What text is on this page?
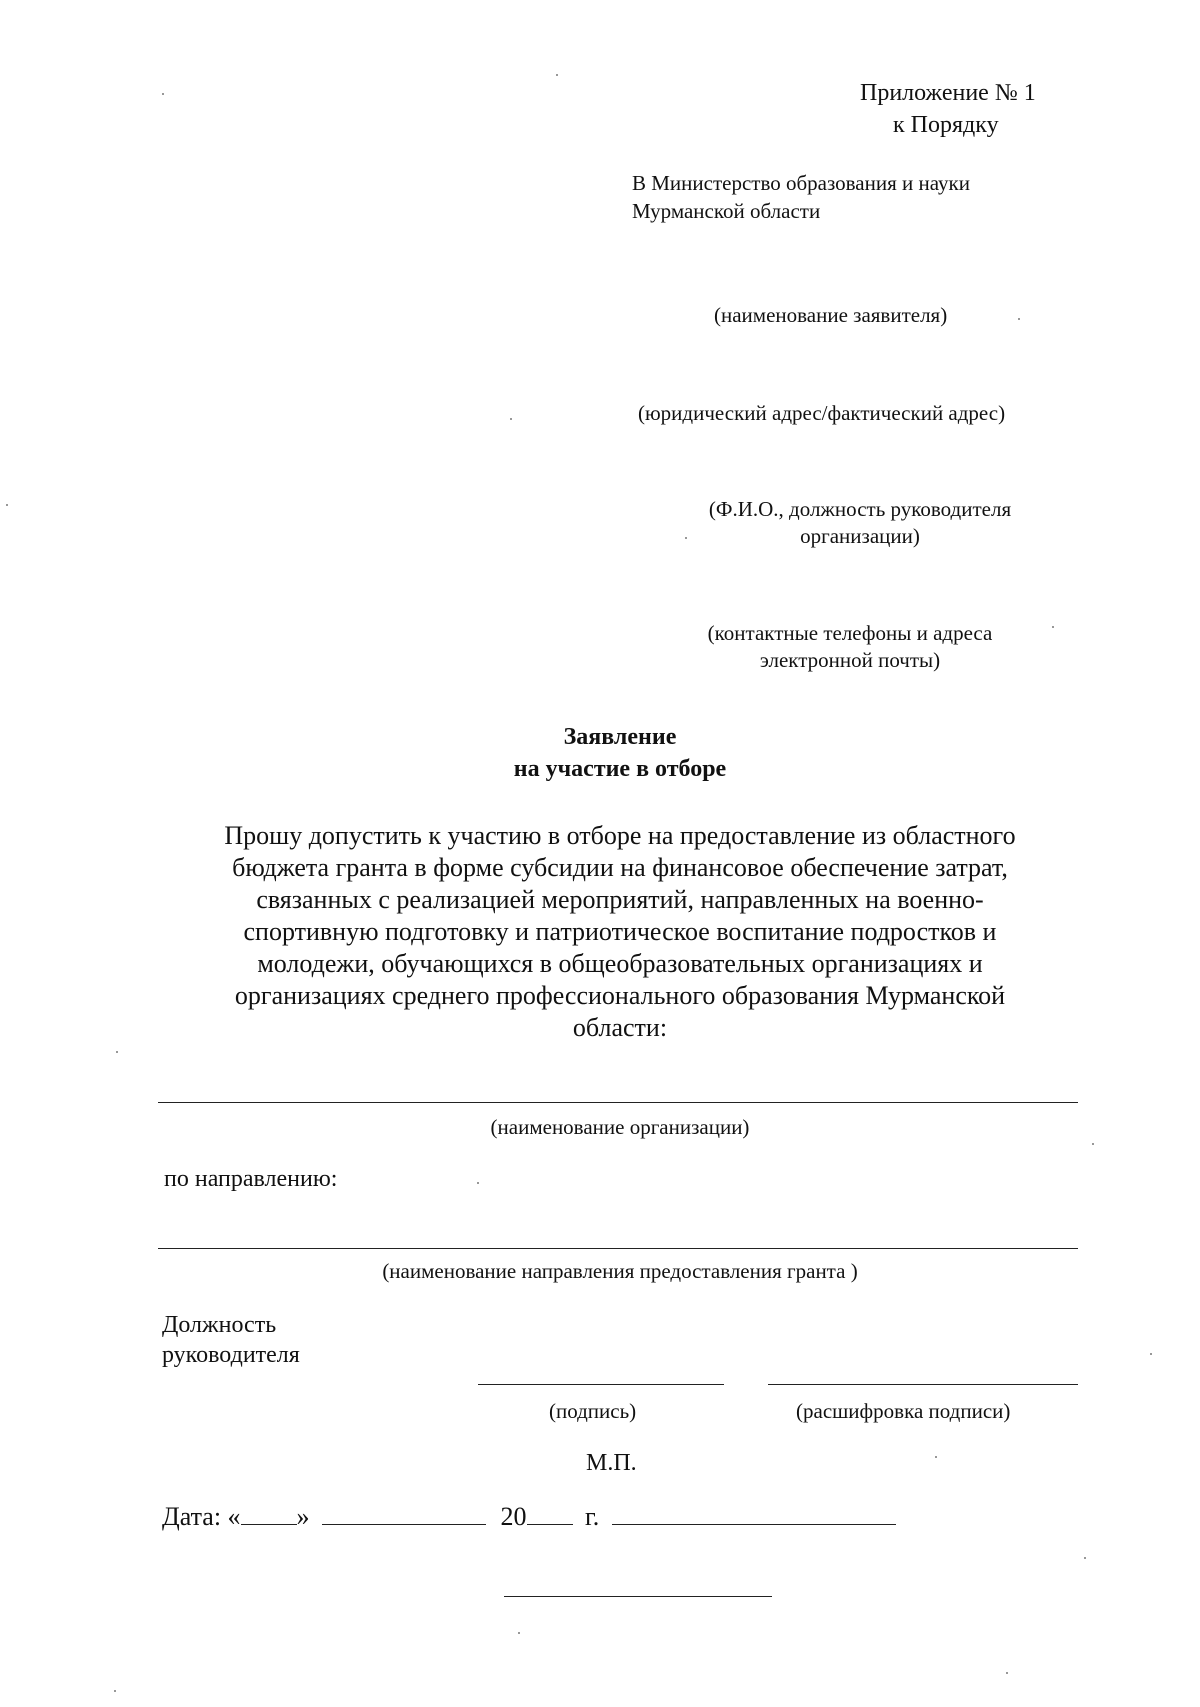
Приложение № 1
к Порядку
В Министерство образования и науки
Мурманской области
(наименование заявителя)
(юридический адрес/фактический адрес)
(Ф.И.О., должность руководителя
организации)
(контактные телефоны и адреса
электронной почты)
Заявление
на участие в отборе
Прошу допустить к участию в отборе на предоставление из областного
бюджета гранта в форме субсидии на финансовое обеспечение затрат,
связанных с реализацией мероприятий, направленных на военно-
спортивную подготовку и патриотическое воспитание подростков и
молодежи, обучающихся в общеобразовательных организациях и
организациях среднего профессионального образования Мурманской
области:
(наименование организации)
по направлению:
(наименование направления предоставления гранта )
Должность
руководителя
(подпись)	(расшифровка подписи)
М.П.
Дата: « »	20 г.
